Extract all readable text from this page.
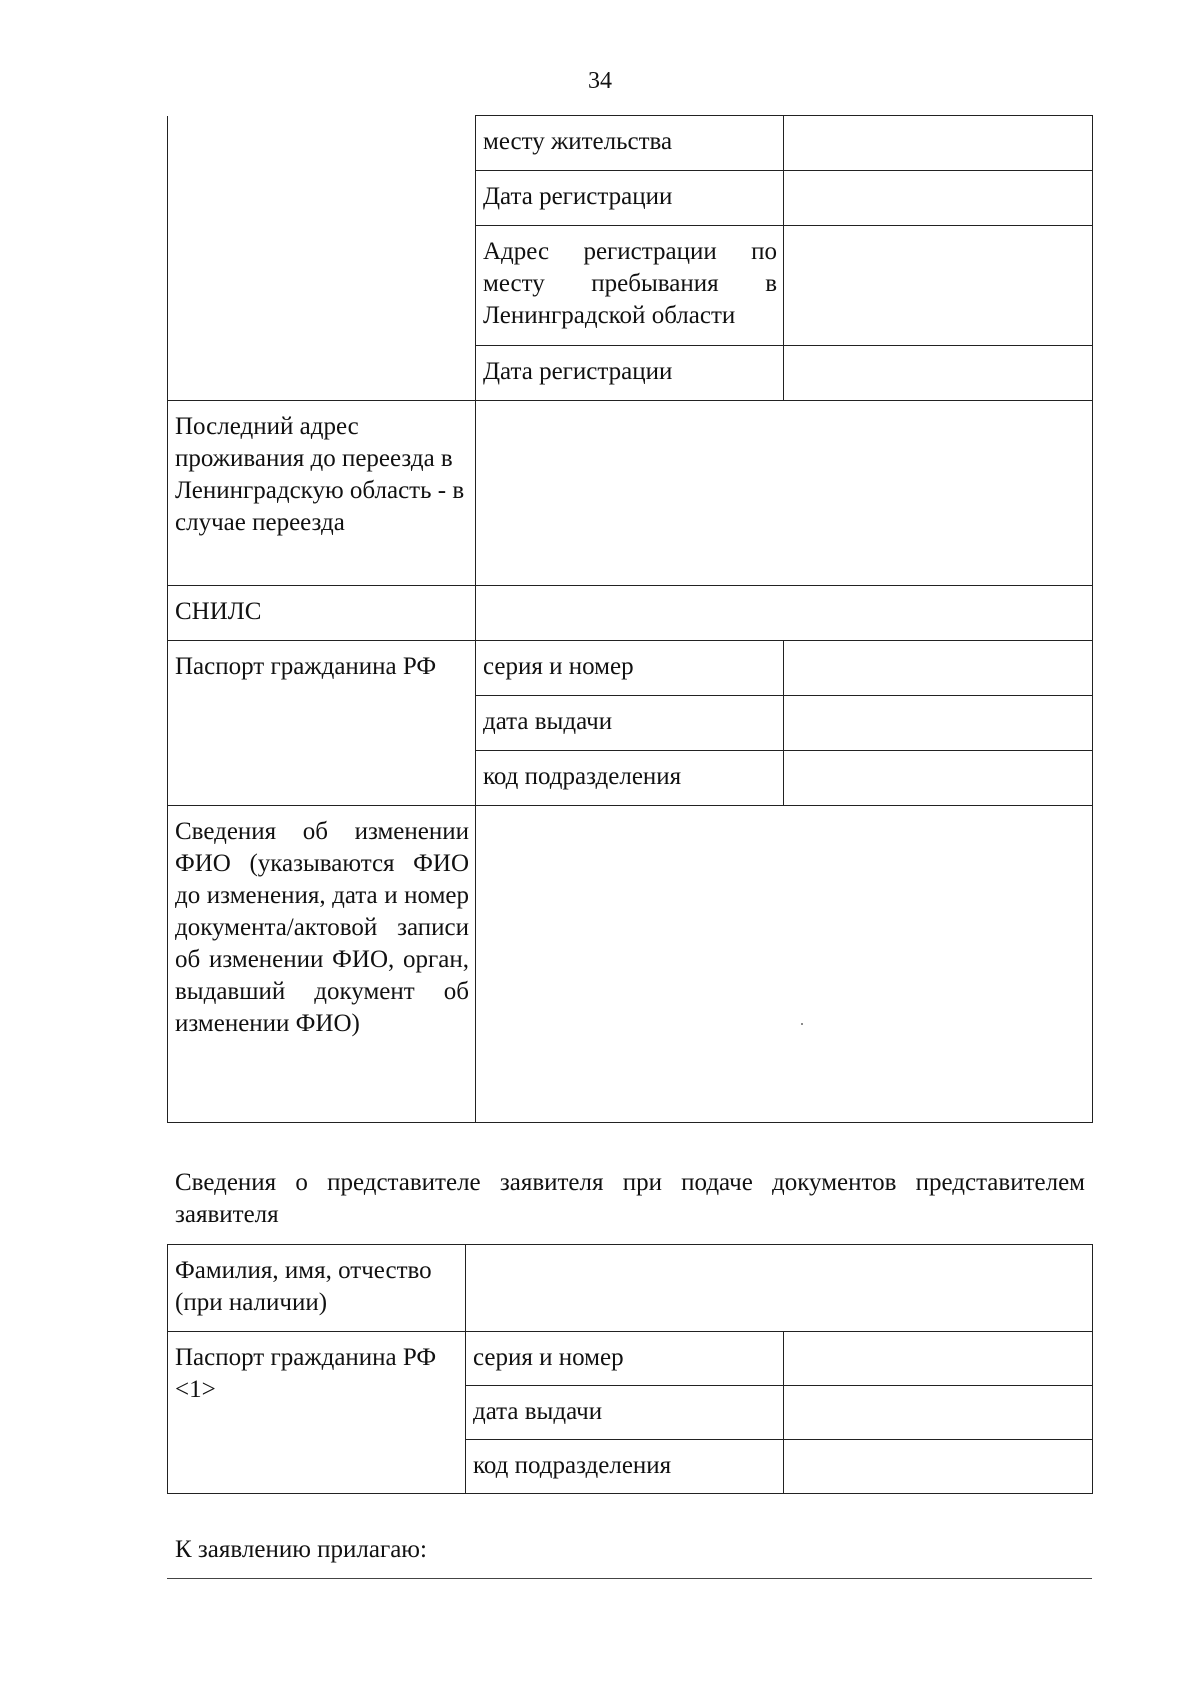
34
	месту жительства	
	Дата регистрации	
	Адрес регистрации по месту пребывания в Ленинградской области	
	Дата регистрации	
Последний адрес проживания до переезда в Ленинградскую область - в случае переезда		
СНИЛС		
Паспорт гражданина РФ	серия и номер	
	дата выдачи	
	код подразделения	
Сведения об изменении ФИО (указываются ФИО до изменения, дата и номер документа/актовой записи об изменении ФИО, орган, выдавший документ об изменении ФИО)		
Сведения о представителе заявителя при подаче документов представителем заявителя
Фамилия, имя, отчество (при наличии)		
Паспорт гражданина РФ <1>	серия и номер	
	дата выдачи	
	код подразделения	
К заявлению прилагаю:
